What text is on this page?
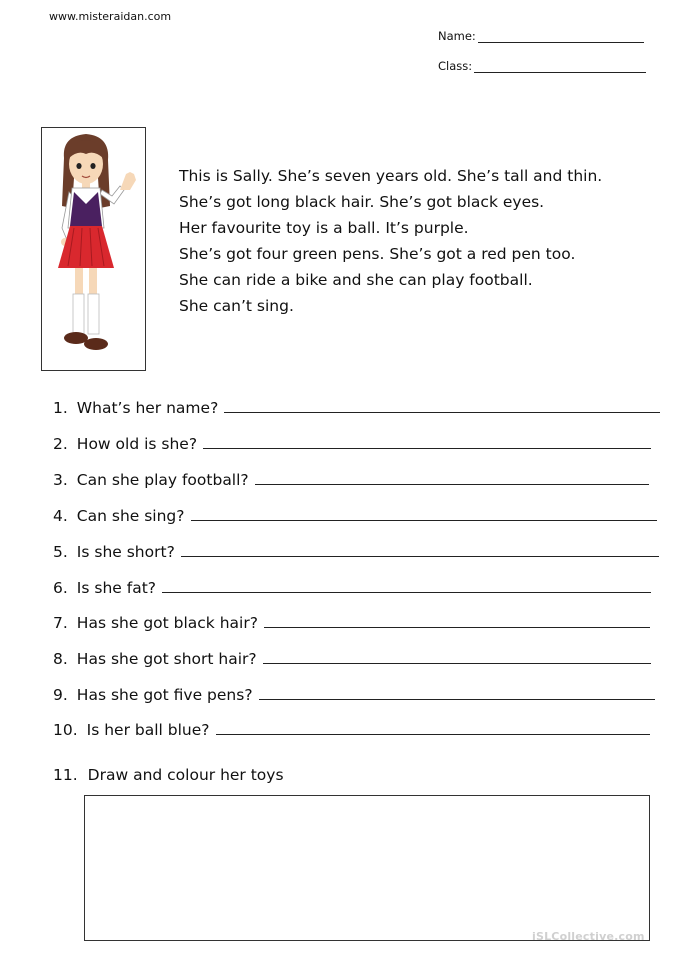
www.misteraidan.com
Name:
Class:
This is Sally. She’s seven years old. She’s tall and thin.
She’s got long black hair. She’s got black eyes.
Her favourite toy is a ball. It’s purple.
She’s got four green pens. She’s got a red pen too.
She can ride a bike and she can play football.
She can’t sing.
1. What’s her name?
2. How old is she?
3. Can she play football?
4. Can she sing?
5. Is she short?
6. Is she fat?
7. Has she got black hair?
8. Has she got short hair?
9. Has she got five pens?
10. Is her ball blue?
11. Draw and colour her toys
iSLCollective.com
